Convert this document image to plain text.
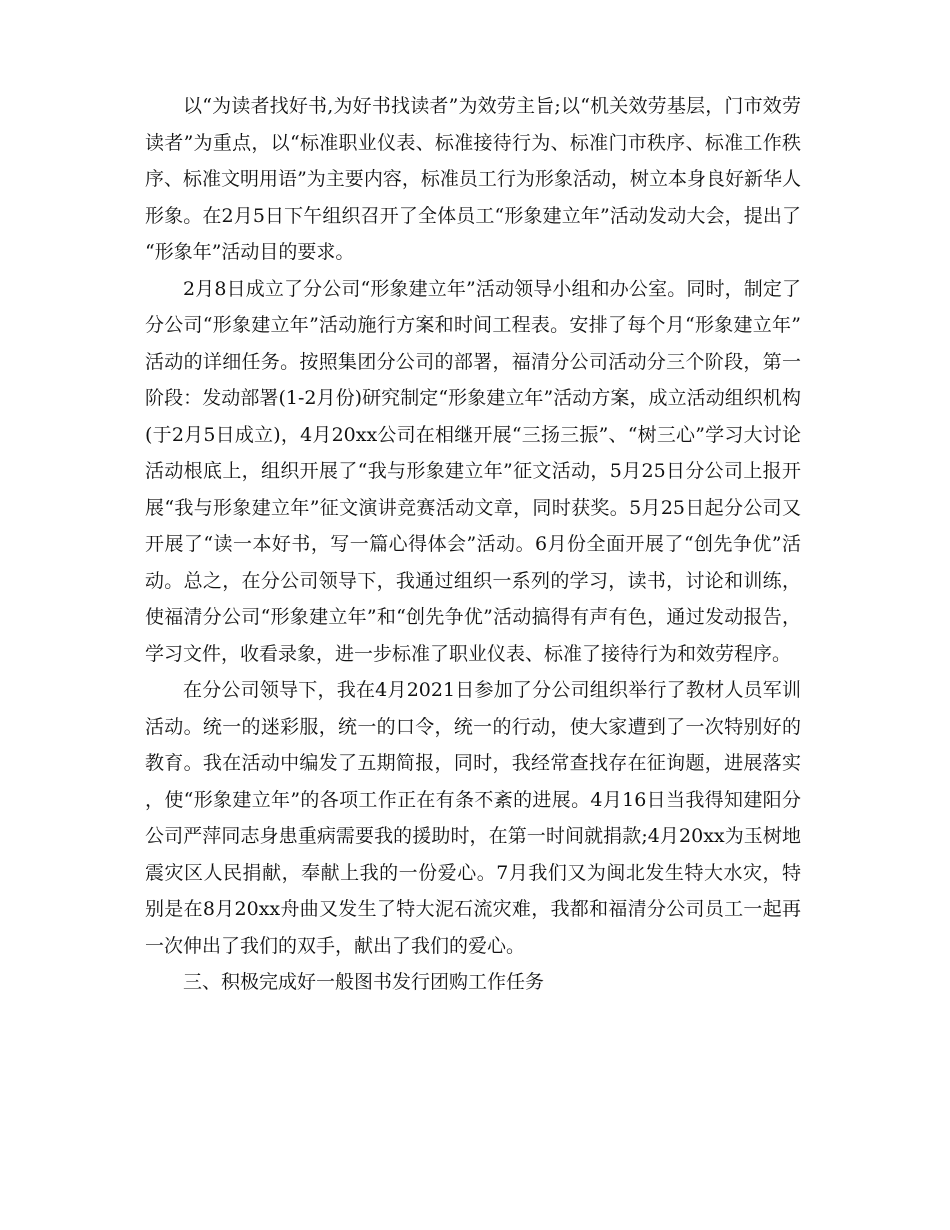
以“为读者找好书,为好书找读者”为效劳主旨;以“机关效劳基层，门市效劳读者”为重点，以“标准职业仪表、标准接待行为、标准门市秩序、标准工作秩序、标准文明用语”为主要内容，标准员工行为形象活动，树立本身良好新华人形象。在2月5日下午组织召开了全体员工“形象建立年”活动发动大会，提出了“形象年”活动目的要求。

2月8日成立了分公司“形象建立年”活动领导小组和办公室。同时，制定了分公司“形象建立年”活动施行方案和时间工程表。安排了每个月“形象建立年”活动的详细任务。按照集团分公司的部署，福清分公司活动分三个阶段，第一阶段：发动部署(1-2月份)研究制定“形象建立年”活动方案，成立活动组织机构(于2月5日成立)，4月20xx公司在相继开展“三扬三振”、“树三心”学习大讨论活动根底上，组织开展了“我与形象建立年”征文活动，5月25日分公司上报开展“我与形象建立年”征文演讲竞赛活动文章，同时获奖。5月25日起分公司又开展了“读一本好书，写一篇心得体会”活动。6月份全面开展了“创先争优”活动。总之，在分公司领导下，我通过组织一系列的学习，读书，讨论和训练，使福清分公司“形象建立年”和“创先争优”活动搞得有声有色，通过发动报告，学习文件，收看录象，进一步标准了职业仪表、标准了接待行为和效劳程序。

在分公司领导下，我在4月2021日参加了分公司组织举行了教材人员军训活动。统一的迷彩服，统一的口令，统一的行动，使大家遭到了一次特别好的教育。我在活动中编发了五期简报，同时，我经常查找存在征询题，进展落实，使“形象建立年”的各项工作正在有条不紊的进展。4月16日当我得知建阳分公司严萍同志身患重病需要我的援助时，在第一时间就捐款;4月20xx为玉树地震灾区人民捐献，奉献上我的一份爱心。7月我们又为闽北发生特大水灾，特别是在8月20xx舟曲又发生了特大泥石流灾难，我都和福清分公司员工一起再一次伸出了我们的双手，献出了我们的爱心。

三、积极完成好一般图书发行团购工作任务
